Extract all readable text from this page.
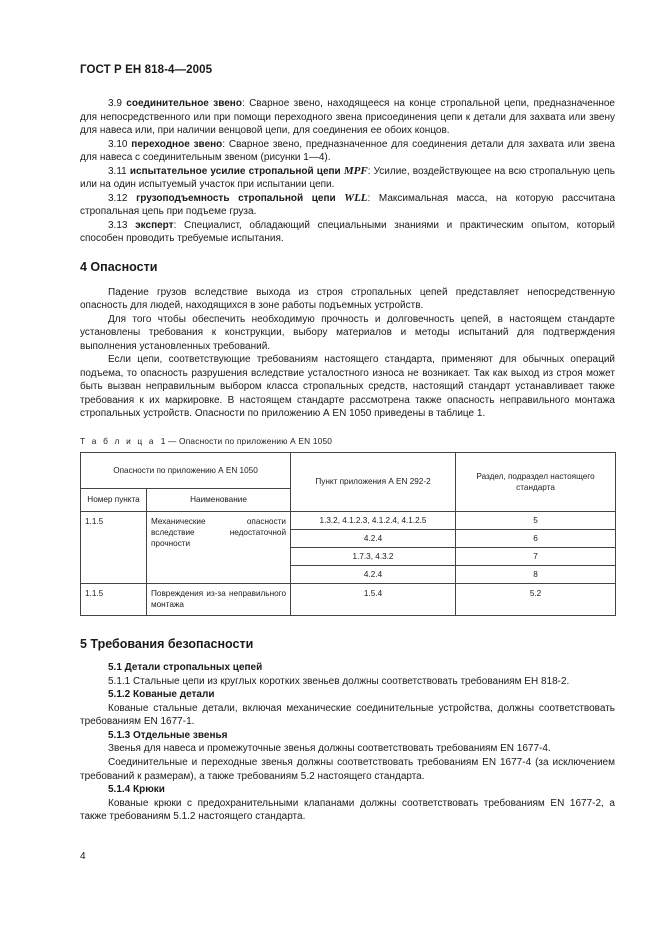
ГОСТ Р ЕН 818-4—2005

3.9 соединительное звено: Сварное звено, находящееся на конце стропальной цепи, предназначенное для непосредственного или при помощи переходного звена присоединения цепи к детали для захвата или звену для навеса или, при наличии венцовой цепи, для соединения ее обоих концов.

3.10 переходное звено: Сварное звено, предназначенное для соединения детали для захвата или звена для навеса с соединительным звеном (рисунки 1—4).

3.11 испытательное усилие стропальной цепи MPF: Усилие, воздействующее на всю стропальную цепь или на один испытуемый участок при испытании цепи.

3.12 грузоподъемность стропальной цепи WLL: Максимальная масса, на которую рассчитана стропальная цепь при подъеме груза.

3.13 эксперт: Специалист, обладающий специальными знаниями и практическим опытом, который способен проводить требуемые испытания.

4 Опасности

Падение грузов вследствие выхода из строя стропальных цепей представляет непосредственную опасность для людей, находящихся в зоне работы подъемных устройств.

Для того чтобы обеспечить необходимую прочность и долговечность цепей, в настоящем стандарте установлены требования к конструкции, выбору материалов и методы испытаний для подтверждения выполнения установленных требований.

Если цепи, соответствующие требованиям настоящего стандарта, применяют для обычных операций подъема, то опасность разрушения вследствие усталостного износа не возникает. Так как выход из строя может быть вызван неправильным выбором класса стропальных средств, настоящий стандарт устанавливает также требования к их маркировке. В настоящем стандарте рассмотрена также опасность неправильного монтажа стропальных устройств. Опасности по приложению А EN 1050 приведены в таблице 1.

Т а б л и ц а 1 — Опасности по приложению А EN 1050
Опасности по приложению А EN 1050		Пункт приложения А EN 292-2	Раздел, подраздел настоящего стандарта
Номер пункта	Наименование		
1.1.5	Механические опасности вследствие недостаточной прочности	1.3.2, 4.1.2.3, 4.1.2.4, 4.1.2.5	5
		4.2.4	6
		1.7.3, 4.3.2	7
		4.2.4	8
1.1.5	Повреждения из-за неправильного монтажа	1.5.4	5.2
5 Требования безопасности

5.1 Детали стропальных цепей

5.1.1 Стальные цепи из круглых коротких звеньев должны соответствовать требованиям ЕН 818-2.

5.1.2 Кованые детали

Кованые стальные детали, включая механические соединительные устройства, должны соответствовать требованиям EN 1677-1.

5.1.3 Отдельные звенья

Звенья для навеса и промежуточные звенья должны соответствовать требованиям EN 1677-4.

Соединительные и переходные звенья должны соответствовать требованиям EN 1677-4 (за исключением требований к размерам), а также требованиям 5.2 настоящего стандарта.

5.1.4 Крюки

Кованые крюки с предохранительными клапанами должны соответствовать требованиям EN 1677-2, а также требованиям 5.1.2 настоящего стандарта.

4
